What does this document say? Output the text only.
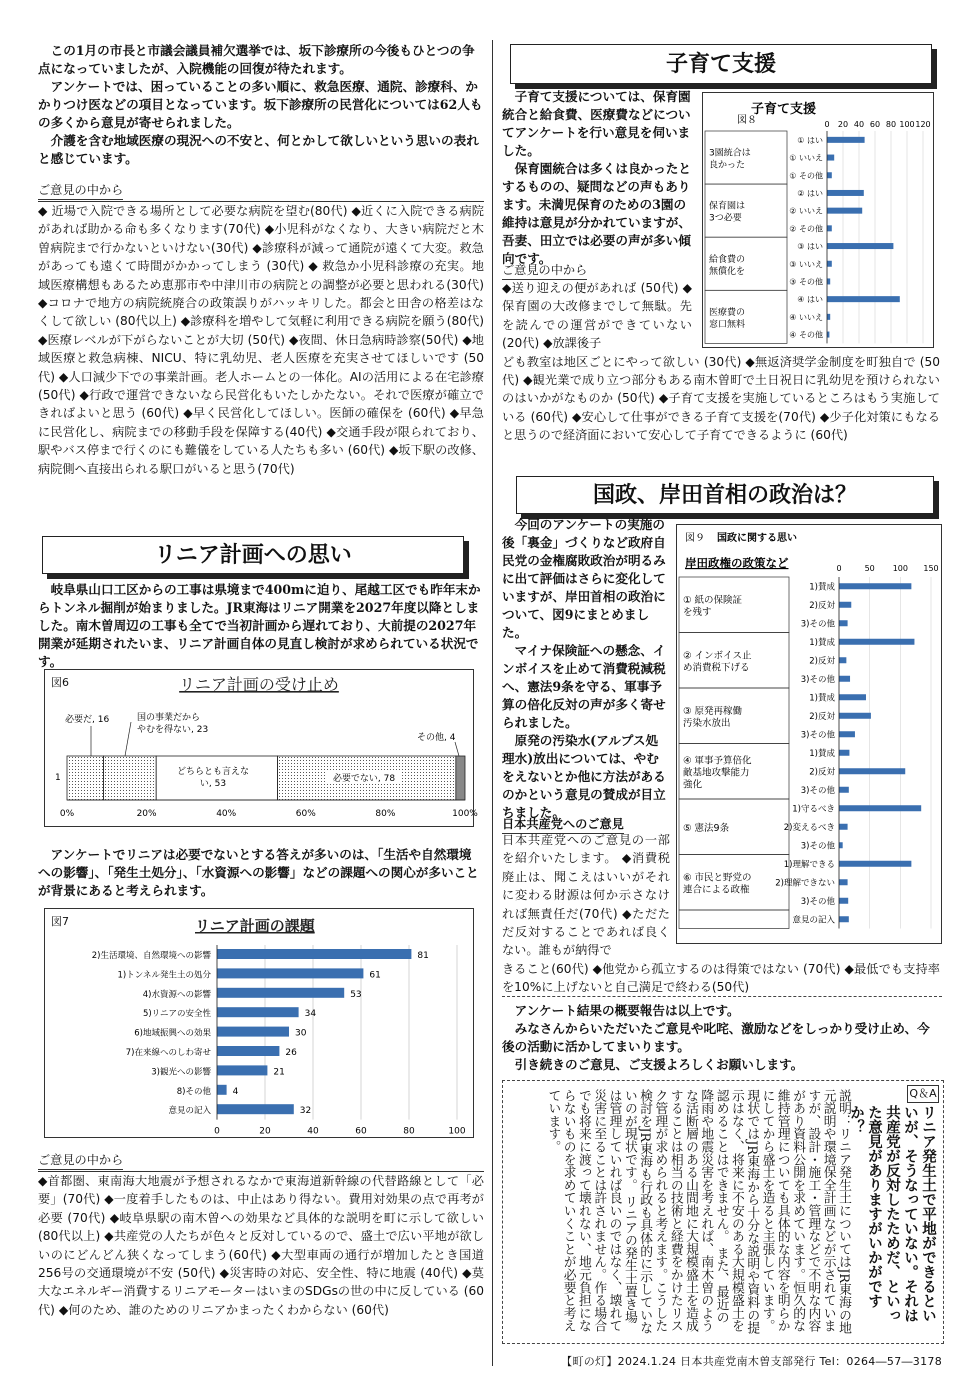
この1月の市長と市議会議員補欠選挙では、坂下診療所の今後もひとつの争点になっていましたが、入院機能の回復が待たれます。

アンケートでは、困っていることの多い順に、救急医療、通院、診療科、かかりつけ医などの項目となっています。坂下診療所の民営化については62人もの多くから意見が寄せられました。

介護を含む地域医療の現況への不安と、何とかして欲しいという思いの表れと感じています。

ご意見の中から
◆ 近場で入院できる場所として必要な病院を望む(80代) ◆近くに入院できる病院があれば助かる命も多くなります(70代) ◆小児科がなくなり、大きい病院だと木曽病院まで行かないといけない(30代) ◆診療科が減って通院が遠くて大変。救急があっても遠くて時間がかかってしまう (30代) ◆ 救急か小児科診療の充実。地域医療構想もあるため恵那市や中津川市の病院との調整が必要と思われる(30代) ◆コロナで地方の病院統廃合の政策誤りがハッキリした。都会と田舎の格差はなくして欲しい (80代以上) ◆診療科を増やして気軽に利用できる病院を願う(80代) ◆医療レベルが下がらないことが大切 (50代) ◆夜間、休日急病時診察(50代) ◆地域医療と救急病棟、NICU、特に乳幼児、老人医療を充実させてほしいです (50代) ◆人口減少下での事業計画。老人ホームとの一体化。AIの活用による在宅診療 (50代) ◆行政で運営できないなら民営化もいたしかたない。それで医療が確立できればよいと思う (60代) ◆早く民営化してほしい。医師の確保を (60代) ◆早急に民営化し、病院までの移動手段を保障する(40代) ◆交通手段が限られており、駅やバス停まで行くのにも難儀をしている人たちも多い (60代) ◆坂下駅の改修、病院側へ直接出られる駅口がいると思う(70代)
リニア計画への思い

岐阜県山口工区からの工事は県境まで400mに迫り、尾越工区でも昨年末からトンネル掘削が始まりました。JR東海はリニア開業を2027年度以降としました。南木曽周辺の工事も全てで当初計画から遅れており、大前提の2027年開業が延期されたいま、リニア計画自体の見直し検討が求められている状況です。

図6	リニア計画の受け止め
1
必要だ, 16	国の事業だから
やむを得ない, 23
どちらとも言えな
い, 53	必要でない, 78
その他, 4
0%	20%	40%	60%	80%	100%

アンケートでリニアは必要でないとする答えが多いのは、「生活や自然環境への影響」、「発生土処分」、「水資源への影響」などの課題への関心が多いことが背景にあると考えられます。

図7	リニア計画の課題
0	20	40	60	80	100
2)生活環境、自然環境への影響	81
1)トンネル発生土の処分	61
4)水資源への影響	53
5)リニアの安全性	34
6)地域振興への効果	30
7)在来線へのしわ寄せ	26
3)観光への影響	21
8)その他 4
意見の記入	32
ご意見の中から
◆首都圏、東南海大地震が予想されるなかで東海道新幹線の代替路線として「必要」(70代) ◆一度着手したものは、中止はあり得ない。費用対効果の点で再考が必要 (70代) ◆岐阜県駅の南木曽への効果など具体的な説明を町に示して欲しい (80代以上) ◆共産党の人たちが色々と反対しているので、盛土で広い平地が欲しいのにどんどん狭くなってしまう(60代) ◆大型車両の通行が増加したとき国道256号の交通環境が不安 (50代) ◆災害時の対応、安全性、特に地震 (40代) ◆莫大なエネルギー消費するリニアモーターはいまのSDGsの世の中に反している (60代) ◆何のため、誰のためのリニアかまったくわからない (60代)
子育て支援

子育て支援については、保育園統合と給食費、医療費などについてアンケートを行い意見を伺いました。

保育園統合は多くは良かったとするものの、疑問などの声もあります。未満児保育のための3園の維持は意見が分かれていますが、吾妻、田立では必要の声が多い傾向です。

子育て支援
図８	0 20 40 60 80 100 120
3園統合は
良かった
① はい
① いいえ
① その他
保育園は
3つ必要
② はい
② いいえ
② その他
給食費の
無償化を
③ はい
③ いいえ
③ その他
医療費の
窓口無料
④ はい
④ いいえ
④ その他
ご意見の中から
◆送り迎えの便があれば (50代) ◆保育園の大改修までして無駄。先を読んでの運営ができていない (20代) ◆放課後子
ども教室は地区ごとにやって欲しい (30代) ◆無返済奨学金制度を町独自で (50代) ◆観光業で成り立つ部分もある南木曽町で土日祝日に乳幼児を預けられないのはいかがなものか (50代) ◆子育て支援を実施しているところはもう実施している (60代) ◆安心して仕事ができる子育て支援を(70代) ◆少子化対策にもなると思うので経済面において安心して子育てできるように (60代)
国政、岸田首相の政治は？

今回のアンケートの実施の後「裏金」づくりなど政府自民党の金権腐敗政治が明るみに出て評価はさらに変化していますが、岸田首相の政治について、図9にまとめました。

マイナ保険証への懸念、インボイスを止めて消費税減税へ、憲法9条を守る、軍事予算の倍化反対の声が多く寄せられました。

原発の汚染水(アルプス処理水)放出については、やむをえないとか他に方法があるのかという意見の賛成が目立ちました。

国政に関する思い
図９
岸田政権の政策など	0	50 100 150
① 紙の保険証
を残す
1)賛成
2)反対
3)その他
② インボイス止
め消費税下げる
1)賛成
2)反対
3)その他
③ 原発再稼働
汚染水放出
1)賛成
2)反対
3)その他
④ 軍事予算倍化
敵基地攻撃能力
強化
1)賛成
2)反対
3)その他
⑤ 憲法9条
1)守るべき
2)変えるべき
3)その他
⑥ 市民と野党の
連合による政権
1)理解できる
2)理解できない
3)その他
意見の記入
日本共産党へのご意見
日本共産党へのご意見の一部を紹介いたします。 ◆消費税廃止は、聞こえはいいがそれに変わる財源は何か示さなければ無責任だ(70代) ◆ただただ反対することであれば良くない。誰もが納得で
きること(60代) ◆他党から孤立するのは得策ではない (70代) ◆最低でも支持率を10%に上げないと自己満足で終わる(50代)

アンケート結果の概要報告は以上です。

みなさんからいただいたご意見や叱咤、激励などをしっかり受け止め、今後の活動に活かしてまいります。

引き続きのご意見、ご支援よろしくお願いします。

Q＆A
リニア発生土で平地ができるといいが、そうなっていない。それは共産党が反対したためだ、といった意見がありますがいかがですか？
説明：リニア発生土についてはJR東海の地元説明や環境保全計画などが示されていますが、設計・施工・管理などで不明な内容があり資料公開を求めています。恒久的な維持管理についても具体的な内容を明らかにしてから盛土を造ると主張しています。現状ではJR東海から十分な説明や資料の提示はなく、将来に不安のある大規模盛土を認めることはできません。 また、最近の降雨や地震災害を考えれば、南木曽のような活断層のある山間地に大規模盛土を造成することは相当の技術と経費をかけたリスク管理が求められると考えます。こうした検討をJR東海も行政も具体的に示していないのが現状です。 リニアの発生土置き場は管理していれば良いのではなく、壊れて災害に至ることは許されません。作る場合でも将来に渡って壊れない、地元負担にならないものを求めていくことが必要と考えています。
【町の灯】2024.1.24 日本共産党南木曽支部発行 Tel：0264―57―3178
